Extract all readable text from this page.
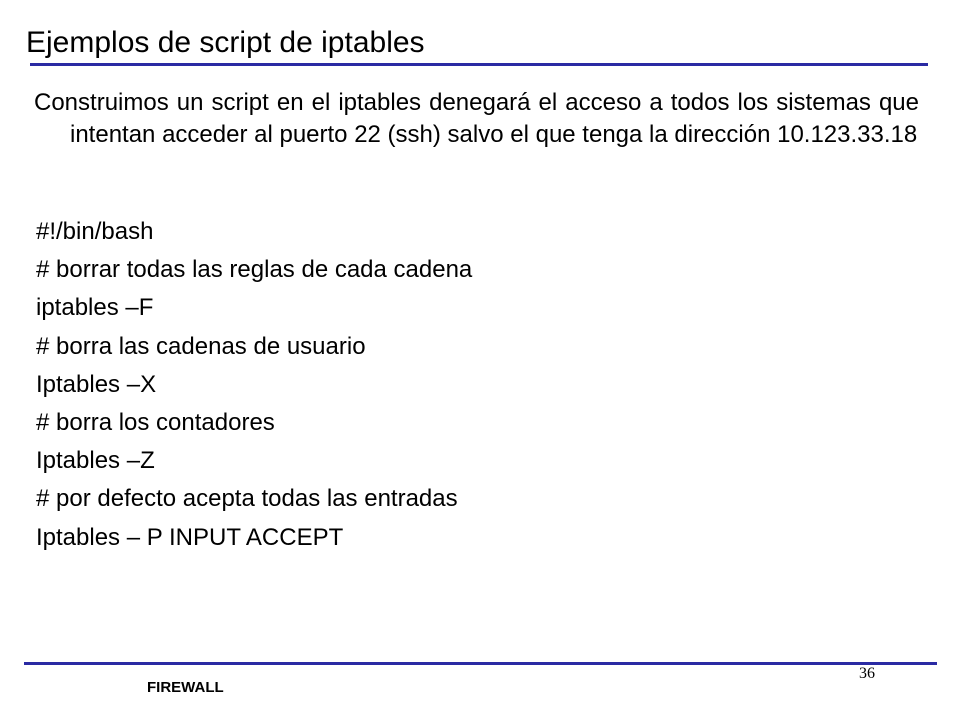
Ejemplos de script de iptables

Construimos un script en el iptables denegará el acceso a todos los sistemas que intentan acceder al puerto 22 (ssh) salvo el que tenga la dirección 10.123.33.18

#!/bin/bash
# borrar todas las reglas de cada cadena
iptables –F
# borra las cadenas de usuario
Iptables –X
# borra los contadores
Iptables –Z
# por defecto acepta todas las entradas
Iptables – P INPUT ACCEPT
36
FIREWALL
